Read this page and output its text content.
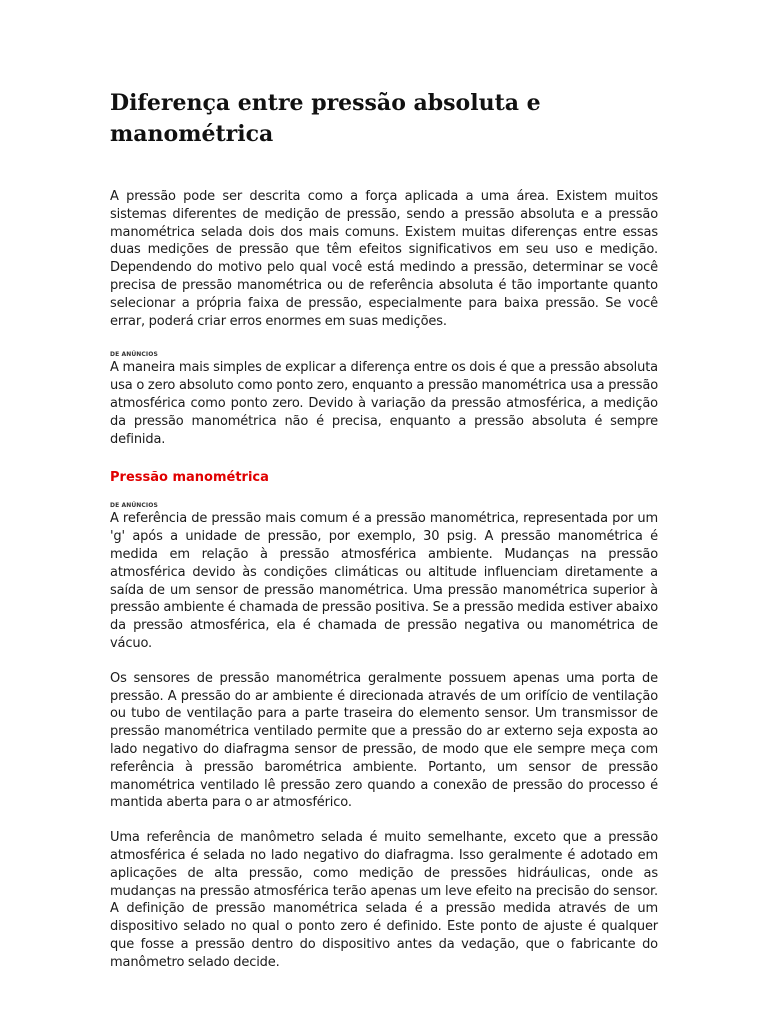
Diferença entre pressão absoluta e manométrica

A pressão pode ser descrita como a força aplicada a uma área. Existem muitos sistemas diferentes de medição de pressão, sendo a pressão absoluta e a pressão manométrica selada dois dos mais comuns. Existem muitas diferenças entre essas duas medições de pressão que têm efeitos significativos em seu uso e medição. Dependendo do motivo pelo qual você está medindo a pressão, determinar se você precisa de pressão manométrica ou de referência absoluta é tão importante quanto selecionar a própria faixa de pressão, especialmente para baixa pressão. Se você errar, poderá criar erros enormes em suas medições.

DE ANÚNCIOS

A maneira mais simples de explicar a diferença entre os dois é que a pressão absoluta usa o zero absoluto como ponto zero, enquanto a pressão manométrica usa a pressão atmosférica como ponto zero. Devido à variação da pressão atmosférica, a medição da pressão manométrica não é precisa, enquanto a pressão absoluta é sempre definida.

Pressão manométrica
DE ANÚNCIOS

A referência de pressão mais comum é a pressão manométrica, representada por um 'g' após a unidade de pressão, por exemplo, 30 psig. A pressão manométrica é medida em relação à pressão atmosférica ambiente. Mudanças na pressão atmosférica devido às condições climáticas ou altitude influenciam diretamente a saída de um sensor de pressão manométrica. Uma pressão manométrica superior à pressão ambiente é chamada de pressão positiva. Se a pressão medida estiver abaixo da pressão atmosférica, ela é chamada de pressão negativa ou manométrica de vácuo.

Os sensores de pressão manométrica geralmente possuem apenas uma porta de pressão. A pressão do ar ambiente é direcionada através de um orifício de ventilação ou tubo de ventilação para a parte traseira do elemento sensor. Um transmissor de pressão manométrica ventilado permite que a pressão do ar externo seja exposta ao lado negativo do diafragma sensor de pressão, de modo que ele sempre meça com referência à pressão barométrica ambiente. Portanto, um sensor de pressão manométrica ventilado lê pressão zero quando a conexão de pressão do processo é mantida aberta para o ar atmosférico.

Uma referência de manômetro selada é muito semelhante, exceto que a pressão atmosférica é selada no lado negativo do diafragma. Isso geralmente é adotado em aplicações de alta pressão, como medição de pressões hidráulicas, onde as mudanças na pressão atmosférica terão apenas um leve efeito na precisão do sensor. A definição de pressão manométrica selada é a pressão medida através de um dispositivo selado no qual o ponto zero é definido. Este ponto de ajuste é qualquer que fosse a pressão dentro do dispositivo antes da vedação, que o fabricante do manômetro selado decide.
